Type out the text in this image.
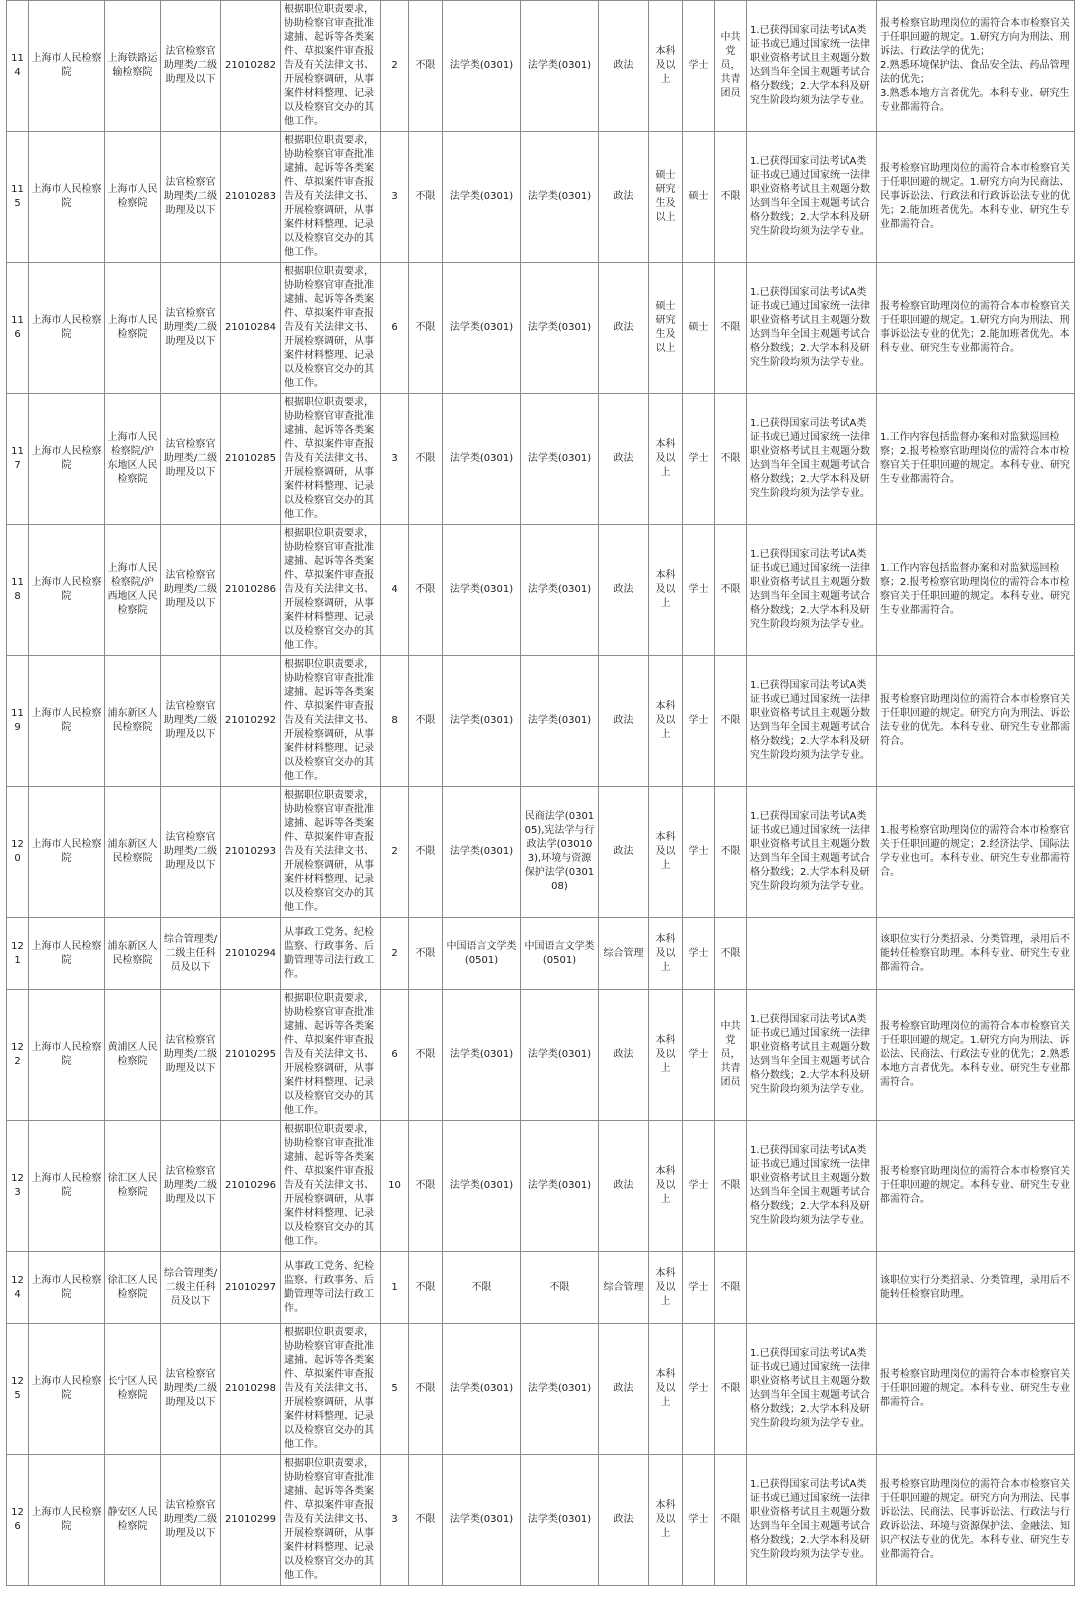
114	上海市人民检察院	上海铁路运输检察院	法官检察官助理类/二级助理及以下	21010282	根据职位职责要求，协助检察官审查批准逮捕、起诉等各类案件、草拟案件审查报告及有关法律文书、开展检察调研，从事案件材料整理、记录以及检察官交办的其他工作。	2	不限	法学类(0301)	法学类(0301)	政法	本科及以上	学士	中共党员，共青团员	1.已获得国家司法考试A类证书或已通过国家统一法律职业资格考试且主观题分数达到当年全国主观题考试合格分数线；2.大学本科及研究生阶段均须为法学专业。	报考检察官助理岗位的需符合本市检察官关于任职回避的规定。1.研究方向为刑法、刑诉法、行政法学的优先；
2.熟悉环境保护法、食品安全法、药品管理法的优先；
3.熟悉本地方言者优先。本科专业、研究生专业都需符合。
115	上海市人民检察院	上海市人民检察院	法官检察官助理类/二级助理及以下	21010283	根据职位职责要求，协助检察官审查批准逮捕、起诉等各类案件、草拟案件审查报告及有关法律文书、开展检察调研，从事案件材料整理、记录以及检察官交办的其他工作。	3	不限	法学类(0301)	法学类(0301)	政法	硕士研究生及以上	硕士	不限	1.已获得国家司法考试A类证书或已通过国家统一法律职业资格考试且主观题分数达到当年全国主观题考试合格分数线；2.大学本科及研究生阶段均须为法学专业。	报考检察官助理岗位的需符合本市检察官关于任职回避的规定。1.研究方向为民商法、民事诉讼法、行政法和行政诉讼法专业的优先；2.能加班者优先。本科专业、研究生专业都需符合。
116	上海市人民检察院	上海市人民检察院	法官检察官助理类/二级助理及以下	21010284	根据职位职责要求，协助检察官审查批准逮捕、起诉等各类案件、草拟案件审查报告及有关法律文书、开展检察调研，从事案件材料整理、记录以及检察官交办的其他工作。	6	不限	法学类(0301)	法学类(0301)	政法	硕士研究生及以上	硕士	不限	1.已获得国家司法考试A类证书或已通过国家统一法律职业资格考试且主观题分数达到当年全国主观题考试合格分数线；2.大学本科及研究生阶段均须为法学专业。	报考检察官助理岗位的需符合本市检察官关于任职回避的规定。1.研究方向为刑法、刑事诉讼法专业的优先；2.能加班者优先。本科专业、研究生专业都需符合。
117	上海市人民检察院	上海市人民检察院/沪东地区人民检察院	法官检察官助理类/二级助理及以下	21010285	根据职位职责要求，协助检察官审查批准逮捕、起诉等各类案件、草拟案件审查报告及有关法律文书、开展检察调研，从事案件材料整理、记录以及检察官交办的其他工作。	3	不限	法学类(0301)	法学类(0301)	政法	本科及以上	学士	不限	1.已获得国家司法考试A类证书或已通过国家统一法律职业资格考试且主观题分数达到当年全国主观题考试合格分数线；2.大学本科及研究生阶段均须为法学专业。	1.工作内容包括监督办案和对监狱巡回检察；2.报考检察官助理岗位的需符合本市检察官关于任职回避的规定。本科专业、研究生专业都需符合。
118	上海市人民检察院	上海市人民检察院/沪西地区人民检察院	法官检察官助理类/二级助理及以下	21010286	根据职位职责要求，协助检察官审查批准逮捕、起诉等各类案件、草拟案件审查报告及有关法律文书、开展检察调研，从事案件材料整理、记录以及检察官交办的其他工作。	4	不限	法学类(0301)	法学类(0301)	政法	本科及以上	学士	不限	1.已获得国家司法考试A类证书或已通过国家统一法律职业资格考试且主观题分数达到当年全国主观题考试合格分数线；2.大学本科及研究生阶段均须为法学专业。	1.工作内容包括监督办案和对监狱巡回检察；2.报考检察官助理岗位的需符合本市检察官关于任职回避的规定。本科专业、研究生专业都需符合。
119	上海市人民检察院	浦东新区人民检察院	法官检察官助理类/二级助理及以下	21010292	根据职位职责要求，协助检察官审查批准逮捕、起诉等各类案件、草拟案件审查报告及有关法律文书、开展检察调研，从事案件材料整理、记录以及检察官交办的其他工作。	8	不限	法学类(0301)	法学类(0301)	政法	本科及以上	学士	不限	1.已获得国家司法考试A类证书或已通过国家统一法律职业资格考试且主观题分数达到当年全国主观题考试合格分数线；2.大学本科及研究生阶段均须为法学专业。	报考检察官助理岗位的需符合本市检察官关于任职回避的规定。研究方向为刑法、诉讼法专业的优先。本科专业、研究生专业都需符合。
120	上海市人民检察院	浦东新区人民检察院	法官检察官助理类/二级助理及以下	21010293	根据职位职责要求，协助检察官审查批准逮捕、起诉等各类案件、草拟案件审查报告及有关法律文书、开展检察调研，从事案件材料整理、记录以及检察官交办的其他工作。	2	不限	法学类(0301)	民商法学(030105),宪法学与行政法学(030103),环境与资源保护法学(030108)	政法	本科及以上	学士	不限	1.已获得国家司法考试A类证书或已通过国家统一法律职业资格考试且主观题分数达到当年全国主观题考试合格分数线；2.大学本科及研究生阶段均须为法学专业。	1.报考检察官助理岗位的需符合本市检察官关于任职回避的规定；2.经济法学、国际法学专业也可。本科专业、研究生专业都需符合。
121	上海市人民检察院	浦东新区人民检察院	综合管理类/二级主任科员及以下	21010294	从事政工党务、纪检监察、行政事务、后勤管理等司法行政工作。	2	不限	中国语言文学类(0501)	中国语言文学类(0501)	综合管理	本科及以上	学士	不限		该职位实行分类招录、分类管理，录用后不能转任检察官助理。本科专业、研究生专业都需符合。
122	上海市人民检察院	黄浦区人民检察院	法官检察官助理类/二级助理及以下	21010295	根据职位职责要求，协助检察官审查批准逮捕、起诉等各类案件、草拟案件审查报告及有关法律文书、开展检察调研，从事案件材料整理、记录以及检察官交办的其他工作。	6	不限	法学类(0301)	法学类(0301)	政法	本科及以上	学士	中共党员，共青团员	1.已获得国家司法考试A类证书或已通过国家统一法律职业资格考试且主观题分数达到当年全国主观题考试合格分数线；2.大学本科及研究生阶段均须为法学专业。	报考检察官助理岗位的需符合本市检察官关于任职回避的规定。1.研究方向为刑法、诉讼法、民商法、行政法专业的优先；2.熟悉本地方言者优先。本科专业、研究生专业都需符合。
123	上海市人民检察院	徐汇区人民检察院	法官检察官助理类/二级助理及以下	21010296	根据职位职责要求，协助检察官审查批准逮捕、起诉等各类案件、草拟案件审查报告及有关法律文书、开展检察调研，从事案件材料整理、记录以及检察官交办的其他工作。	10	不限	法学类(0301)	法学类(0301)	政法	本科及以上	学士	不限	1.已获得国家司法考试A类证书或已通过国家统一法律职业资格考试且主观题分数达到当年全国主观题考试合格分数线；2.大学本科及研究生阶段均须为法学专业。	报考检察官助理岗位的需符合本市检察官关于任职回避的规定。本科专业、研究生专业都需符合。
124	上海市人民检察院	徐汇区人民检察院	综合管理类/二级主任科员及以下	21010297	从事政工党务、纪检监察、行政事务、后勤管理等司法行政工作。	1	不限	不限	不限	综合管理	本科及以上	学士	不限		该职位实行分类招录、分类管理，录用后不能转任检察官助理。
125	上海市人民检察院	长宁区人民检察院	法官检察官助理类/二级助理及以下	21010298	根据职位职责要求，协助检察官审查批准逮捕、起诉等各类案件、草拟案件审查报告及有关法律文书、开展检察调研，从事案件材料整理、记录以及检察官交办的其他工作。	5	不限	法学类(0301)	法学类(0301)	政法	本科及以上	学士	不限	1.已获得国家司法考试A类证书或已通过国家统一法律职业资格考试且主观题分数达到当年全国主观题考试合格分数线；2.大学本科及研究生阶段均须为法学专业。	报考检察官助理岗位的需符合本市检察官关于任职回避的规定。本科专业、研究生专业都需符合。
126	上海市人民检察院	静安区人民检察院	法官检察官助理类/二级助理及以下	21010299	根据职位职责要求，协助检察官审查批准逮捕、起诉等各类案件、草拟案件审查报告及有关法律文书、开展检察调研，从事案件材料整理、记录以及检察官交办的其他工作。	3	不限	法学类(0301)	法学类(0301)	政法	本科及以上	学士	不限	1.已获得国家司法考试A类证书或已通过国家统一法律职业资格考试且主观题分数达到当年全国主观题考试合格分数线；2.大学本科及研究生阶段均须为法学专业。	报考检察官助理岗位的需符合本市检察官关于任职回避的规定。研究方向为刑法、民事诉讼法、民商法、民事诉讼法、行政法与行政诉讼法、环境与资源保护法、金融法、知识产权法专业的优先。本科专业、研究生专业都需符合。
